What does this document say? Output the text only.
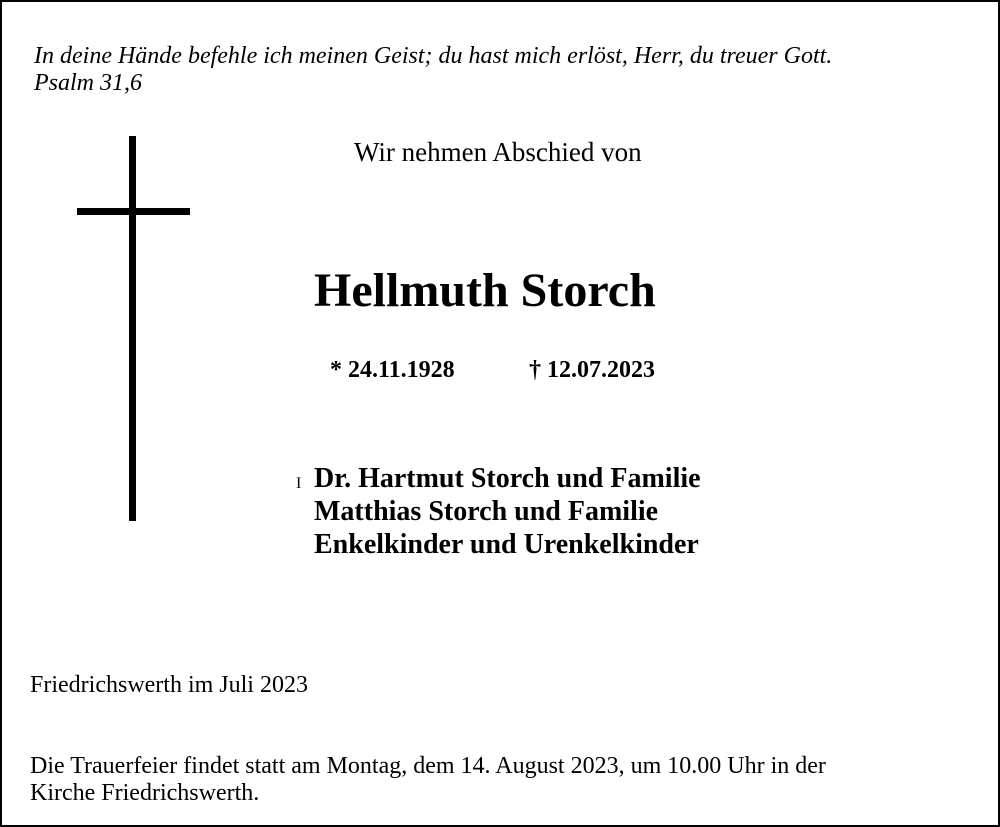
In deine Hände befehle ich meinen Geist; du hast mich erlöst, Herr, du treuer Gott.
Psalm 31,6
Wir nehmen Abschied von
Hellmuth Storch
* 24.11.1928	† 12.07.2023
I Dr. Hartmut Storch und Familie
Matthias Storch und Familie
Enkelkinder und Urenkelkinder
Friedrichswerth im Juli 2023
Die Trauerfeier findet statt am Montag, dem 14. August 2023, um 10.00 Uhr in der
Kirche Friedrichswerth.
